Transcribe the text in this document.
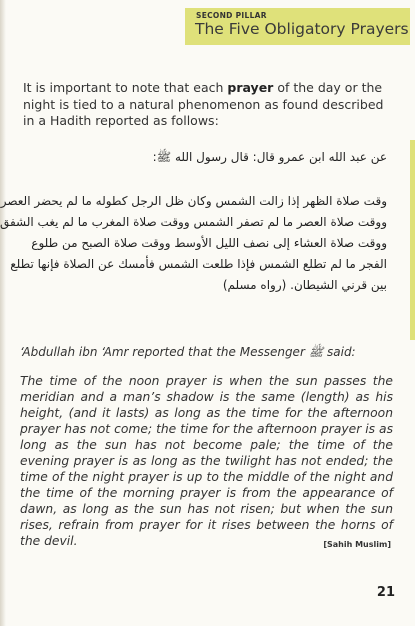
SECOND PILLAR
The Five Obligatory Prayers
It is important to note that each prayer of the day or the night is tied to a natural phenomenon as found described in a Hadith reported as follows:
عن عبد الله ابن عمرو قال: قال رسول الله ﷺ:
وقت صلاة الظهر إذا زالت الشمس وكان ظل الرجل كطوله ما لم يحضر العصر
ووقت صلاة العصر ما لم تصفر الشمس ووقت صلاة المغرب ما لم يغب الشفق
ووقت صلاة العشاء إلى نصف الليل الأوسط ووقت صلاة الصبح من طلوع
الفجر ما لم تطلع الشمس فإذا طلعت الشمس فأمسك عن الصلاة فإنها تطلع
بين قرني الشيطان. (رواه مسلم)
‘Abdullah ibn ‘Amr reported that the Messenger ﷺ said:
The time of the noon prayer is when the sun passes the meridian and a man’s shadow is the same (length) as his height, (and it lasts) as long as the time for the afternoon prayer has not come; the time for the afternoon prayer is as long as the sun has not become pale; the time of the evening prayer is as long as the twilight has not ended; the time of the night prayer is up to the middle of the night and the time of the morning prayer is from the appearance of dawn, as long as the sun has not risen; but when the sun rises, refrain from prayer for it rises between the horns of the devil.	[Sahih Muslim]
21
